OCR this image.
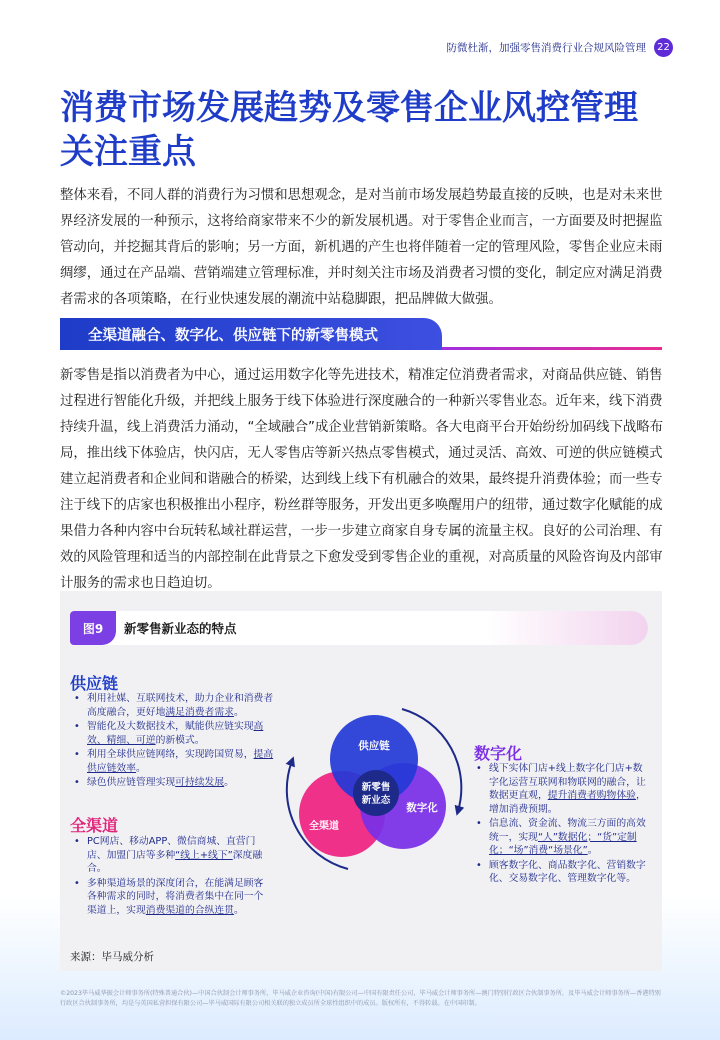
防微杜渐，加强零售消费行业合规风险管理	22
消费市场发展趋势及零售企业风控管理关注重点

整体来看，不同人群的消费行为习惯和思想观念，是对当前市场发展趋势最直接的反映，也是对未来世界经济发展的一种预示，这将给商家带来不少的新发展机遇。对于零售企业而言，一方面要及时把握监管动向，并挖掘其背后的影响；另一方面，新机遇的产生也将伴随着一定的管理风险，零售企业应未雨绸缪，通过在产品端、营销端建立管理标准，并时刻关注市场及消费者习惯的变化，制定应对满足消费者需求的各项策略，在行业快速发展的潮流中站稳脚跟，把品牌做大做强。

全渠道融合、数字化、供应链下的新零售模式

新零售是指以消费者为中心，通过运用数字化等先进技术，精准定位消费者需求，对商品供应链、销售过程进行智能化升级，并把线上服务于线下体验进行深度融合的一种新兴零售业态。近年来，线下消费持续升温，线上消费活力涌动，“全域融合”成企业营销新策略。各大电商平台开始纷纷加码线下战略布局，推出线下体验店，快闪店，无人零售店等新兴热点零售模式，通过灵活、高效、可逆的供应链模式建立起消费者和企业间和谐融合的桥梁，达到线上线下有机融合的效果，最终提升消费体验；而一些专注于线下的店家也积极推出小程序，粉丝群等服务，开发出更多唤醒用户的纽带，通过数字化赋能的成果借力各种内容中台玩转私域社群运营，一步一步建立商家自身专属的流量主权。良好的公司治理、有效的风险管理和适当的内部控制在此背景之下愈发受到零售企业的重视，对高质量的风险咨询及内部审计服务的需求也日趋迫切。

图9	新零售新业态的特点
供应链
• 利用社媒、互联网技术，助力企业和消费者高度融合，更好地满足消费者需求。
• 智能化及大数据技术，赋能供应链实现高效、精细、可逆的新模式。
• 利用全球供应链网络，实现跨国贸易，提高供应链效率。
• 绿色供应链管理实现可持续发展。
全渠道
• PC网店、移动APP、微信商城、直营门店、加盟门店等多种“线上+线下”深度融合。
• 多种渠道场景的深度闭合，在能满足顾客各种需求的同时，将消费者集中在同一个渠道上，实现消费渠道的合纵连贯。
数字化
• 线下实体门店+线上数字化门店+数字化运营互联网和物联网的融合，让数据更直观，提升消费者购物体验，增加消费预期。
• 信息流、资金流、物流三方面的高效统一，实现“人”数据化；“货”定制化；“场”消费“场景化”。
• 顾客数字化、商品数字化、营销数字化、交易数字化、管理数字化等。
供应链
全渠道
数字化
新零售
新业态
来源：毕马威分析

©2023毕马威华振会计师事务所(特殊普通合伙)—中国合伙制会计师事务所，毕马威企业咨询(中国)有限公司—中国有限责任公司，毕马威会计师事务所—澳门特别行政区合伙制事务所，及毕马威会计师事务所—香港特别行政区合伙制事务所，均是与英国私营担保有限公司—毕马威国际有限公司相关联的独立成员所全球性组织中的成员。版权所有，不得转载。在中国印制。
